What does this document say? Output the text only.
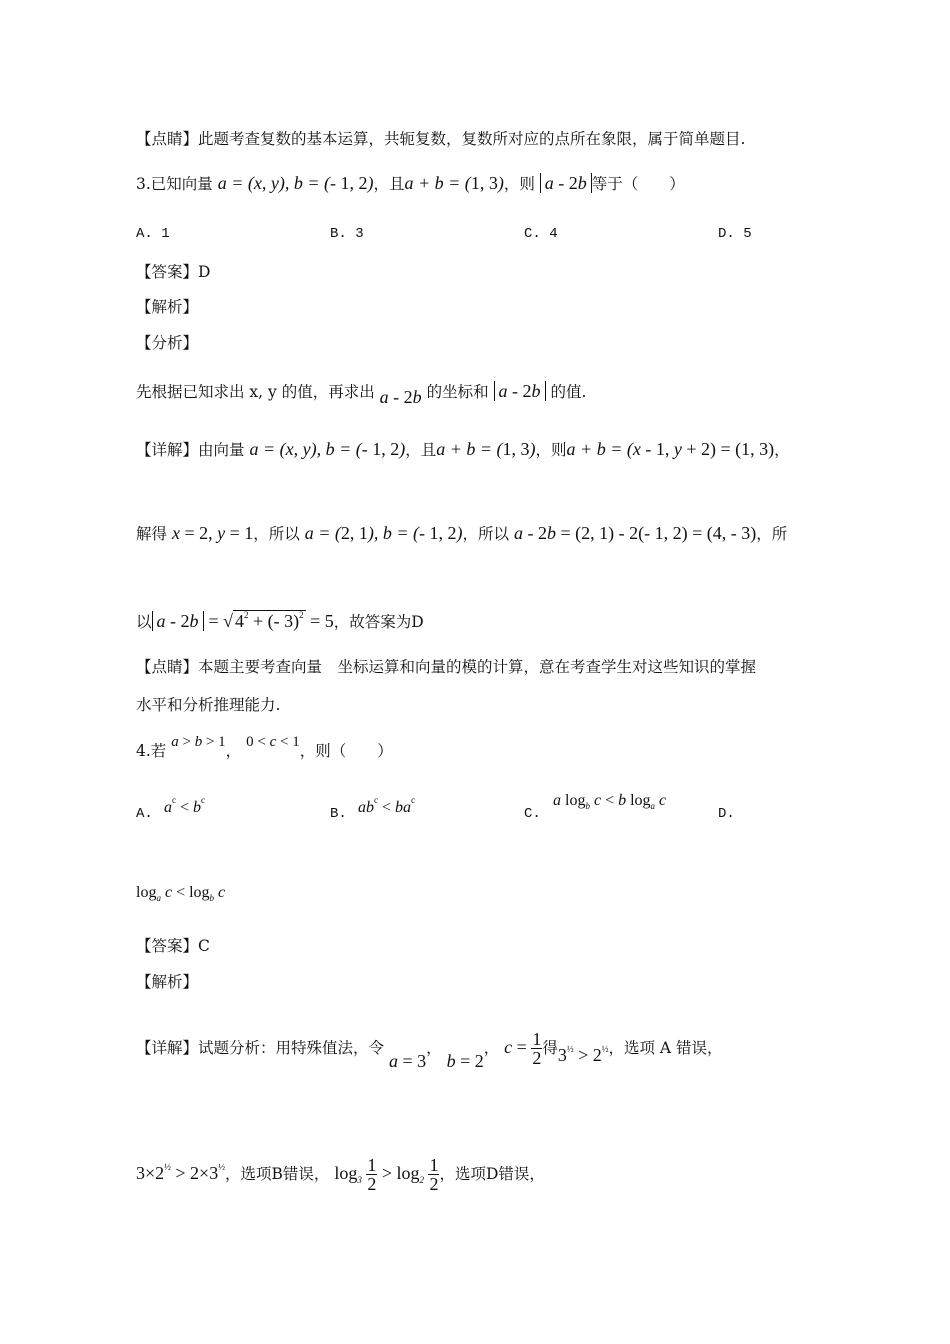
【点睛】此题考查复数的基本运算，共轭复数，复数所对应的点所在象限，属于简单题目.
3.已知向量 a = (x, y), b = (- 1, 2)，且a + b = (1, 3)，则 a - 2b 等于（　　）
A. 1	B. 3	C. 4	D. 5
【答案】D
【解析】
【分析】
先根据已知求出 x, y 的值，再求出 a - 2b 的坐标和 a - 2b 的值.
【详解】由向量 a = (x, y), b = (- 1, 2)，且a + b = (1, 3)，则a + b = (x - 1, y + 2) = (1, 3)，
解得 x = 2, y = 1，所以 a = (2, 1), b = (- 1, 2)，所以 a - 2b = (2, 1) - 2(- 1, 2) = (4, - 3)，所
以 a - 2b = √ $4^2$ + (- 3)$^2$ = 5，故答案为D
【点睛】本题主要考查向量　坐标运算和向量的模的计算，意在考查学生对这些知识的掌握
水平和分析推理能力.
4.若 a > b > 1， 0 < c < 1，则（　　）
A. $a^c < b^c$
B. $ab^c < ba^c$
C.
a $\log_b c < b$ $\log_a c$
D.
$\log_a c < \log_b c$
【答案】C
【解析】
【详解】试题分析：用特殊值法，令 a = 3， b = 2， $c = \frac{1}{2}$ 得$3^{\frac{1}{2}} > 2^{\frac{1}{2}}$，选项 A 错误，
$3\times 2^{\frac{1}{2}} > 2\times 3^{\frac{1}{2}}$，选项B错误， $\log_3 \frac{1}{2} > \log_2 \frac{1}{2}$ ，选项D错误，
